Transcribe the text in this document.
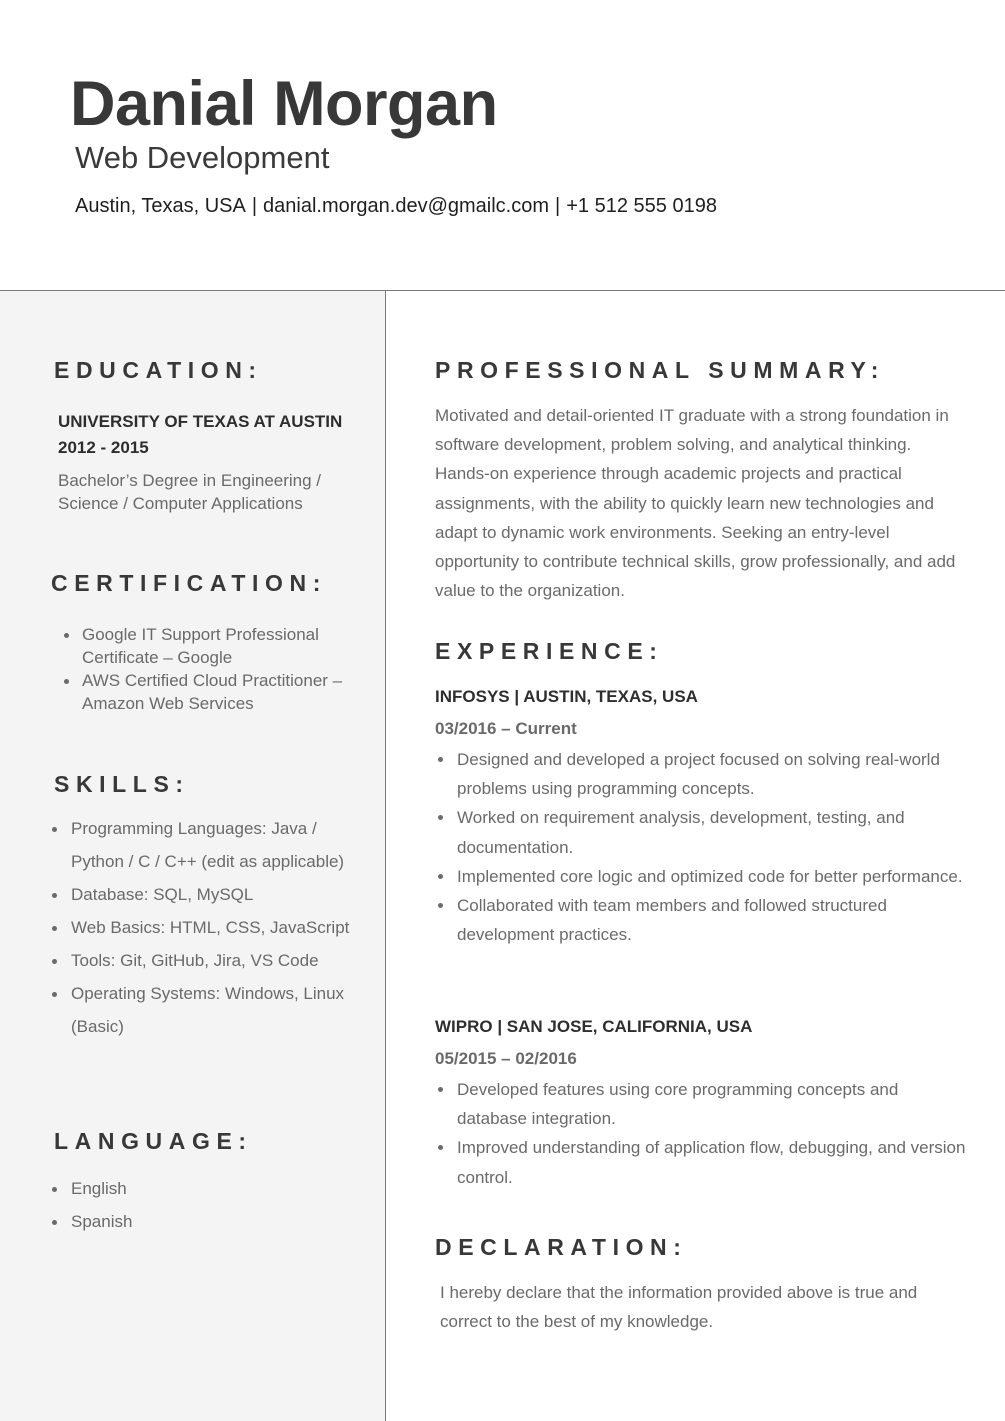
Danial Morgan
Web Development
Austin, Texas, USA | danial.morgan.dev@gmailc.com | +1 512 555 0198
EDUCATION:
UNIVERSITY OF TEXAS AT AUSTIN
2012 - 2015
Bachelor’s Degree in Engineering / Science / Computer Applications
CERTIFICATION:
Google IT Support Professional Certificate – Google
AWS Certified Cloud Practitioner – Amazon Web Services
SKILLS:
Programming Languages: Java / Python / C / C++ (edit as applicable)
Database: SQL, MySQL
Web Basics: HTML, CSS, JavaScript
Tools: Git, GitHub, Jira, VS Code
Operating Systems: Windows, Linux (Basic)
LANGUAGE:
English
Spanish
PROFESSIONAL SUMMARY:
Motivated and detail-oriented IT graduate with a strong foundation in software development, problem solving, and analytical thinking. Hands-on experience through academic projects and practical assignments, with the ability to quickly learn new technologies and adapt to dynamic work environments. Seeking an entry-level opportunity to contribute technical skills, grow professionally, and add value to the organization.
EXPERIENCE:
INFOSYS | AUSTIN, TEXAS, USA
03/2016 – Current
Designed and developed a project focused on solving real-world problems using programming concepts.
Worked on requirement analysis, development, testing, and documentation.
Implemented core logic and optimized code for better performance.
Collaborated with team members and followed structured development practices.
WIPRO | SAN JOSE, CALIFORNIA, USA
05/2015 – 02/2016
Developed features using core programming concepts and database integration.
Improved understanding of application flow, debugging, and version control.
DECLARATION:
I hereby declare that the information provided above is true and correct to the best of my knowledge.
